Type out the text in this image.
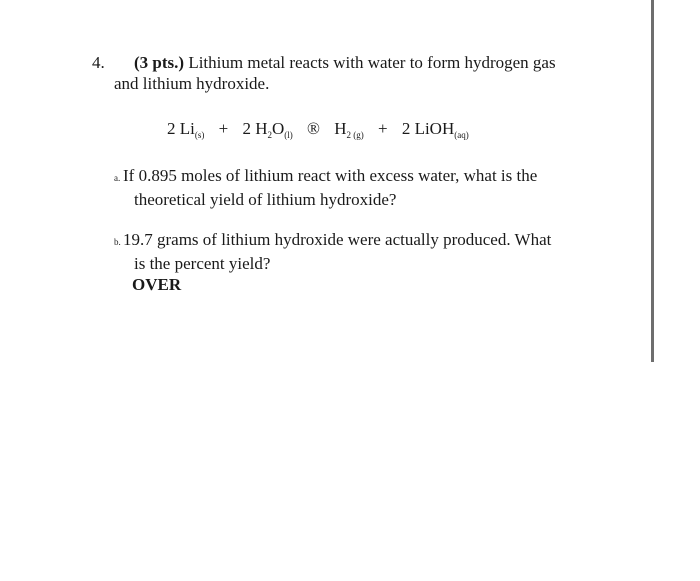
4.	(3 pts.) Lithium metal reacts with water to form hydrogen gas
and lithium hydroxide.
2 $Li_{(s)} + 2$ $H_2O_{(l)}$ ® $H_{2 (g)} + 2$ LiOH$_{(aq)}$
a. If 0.895 moles of lithium react with excess water, what is the
theoretical yield of lithium hydroxide?
b. 19.7 grams of lithium hydroxide were actually produced. What
is the percent yield?
OVER
